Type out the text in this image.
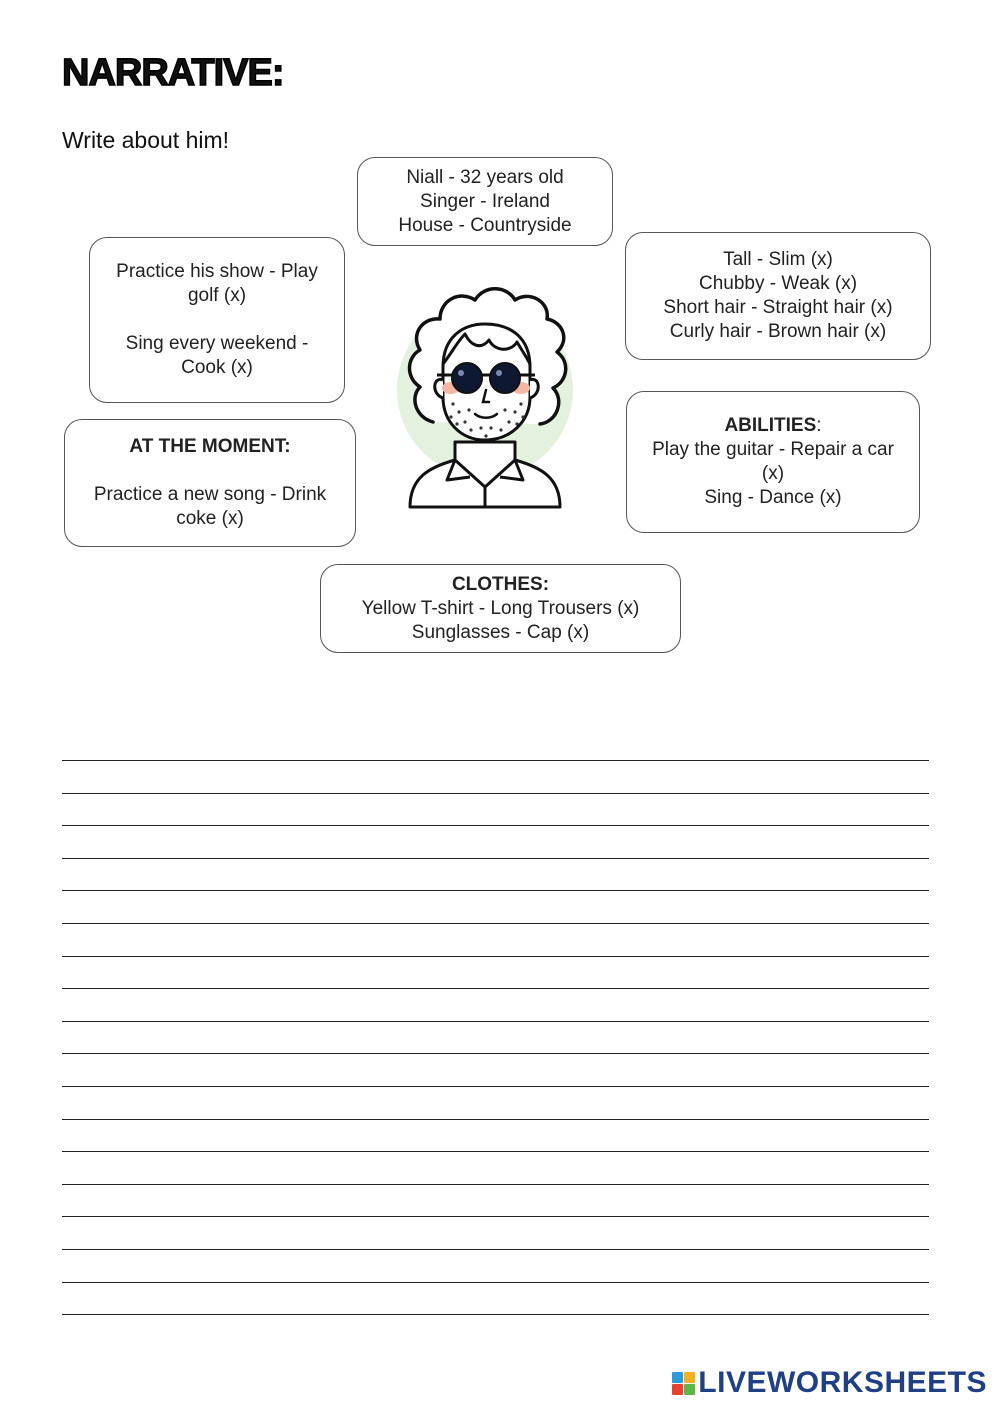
NARRATIVE:

Write about him!

Niall - 32 years old

Singer - Ireland

House - Countryside

Practice his show - Play golf (x)

Sing every weekend - Cook (x)

Tall - Slim (x)

Chubby - Weak (x)

Short hair - Straight hair (x)

Curly hair - Brown hair (x)

AT THE MOMENT:

Practice a new song - Drink coke (x)

ABILITIES:

Play the guitar - Repair a car (x)

Sing - Dance (x)

CLOTHES:

Yellow T-shirt - Long Trousers (x)

Sunglasses - Cap (x)

LIVEWORKSHEETS
